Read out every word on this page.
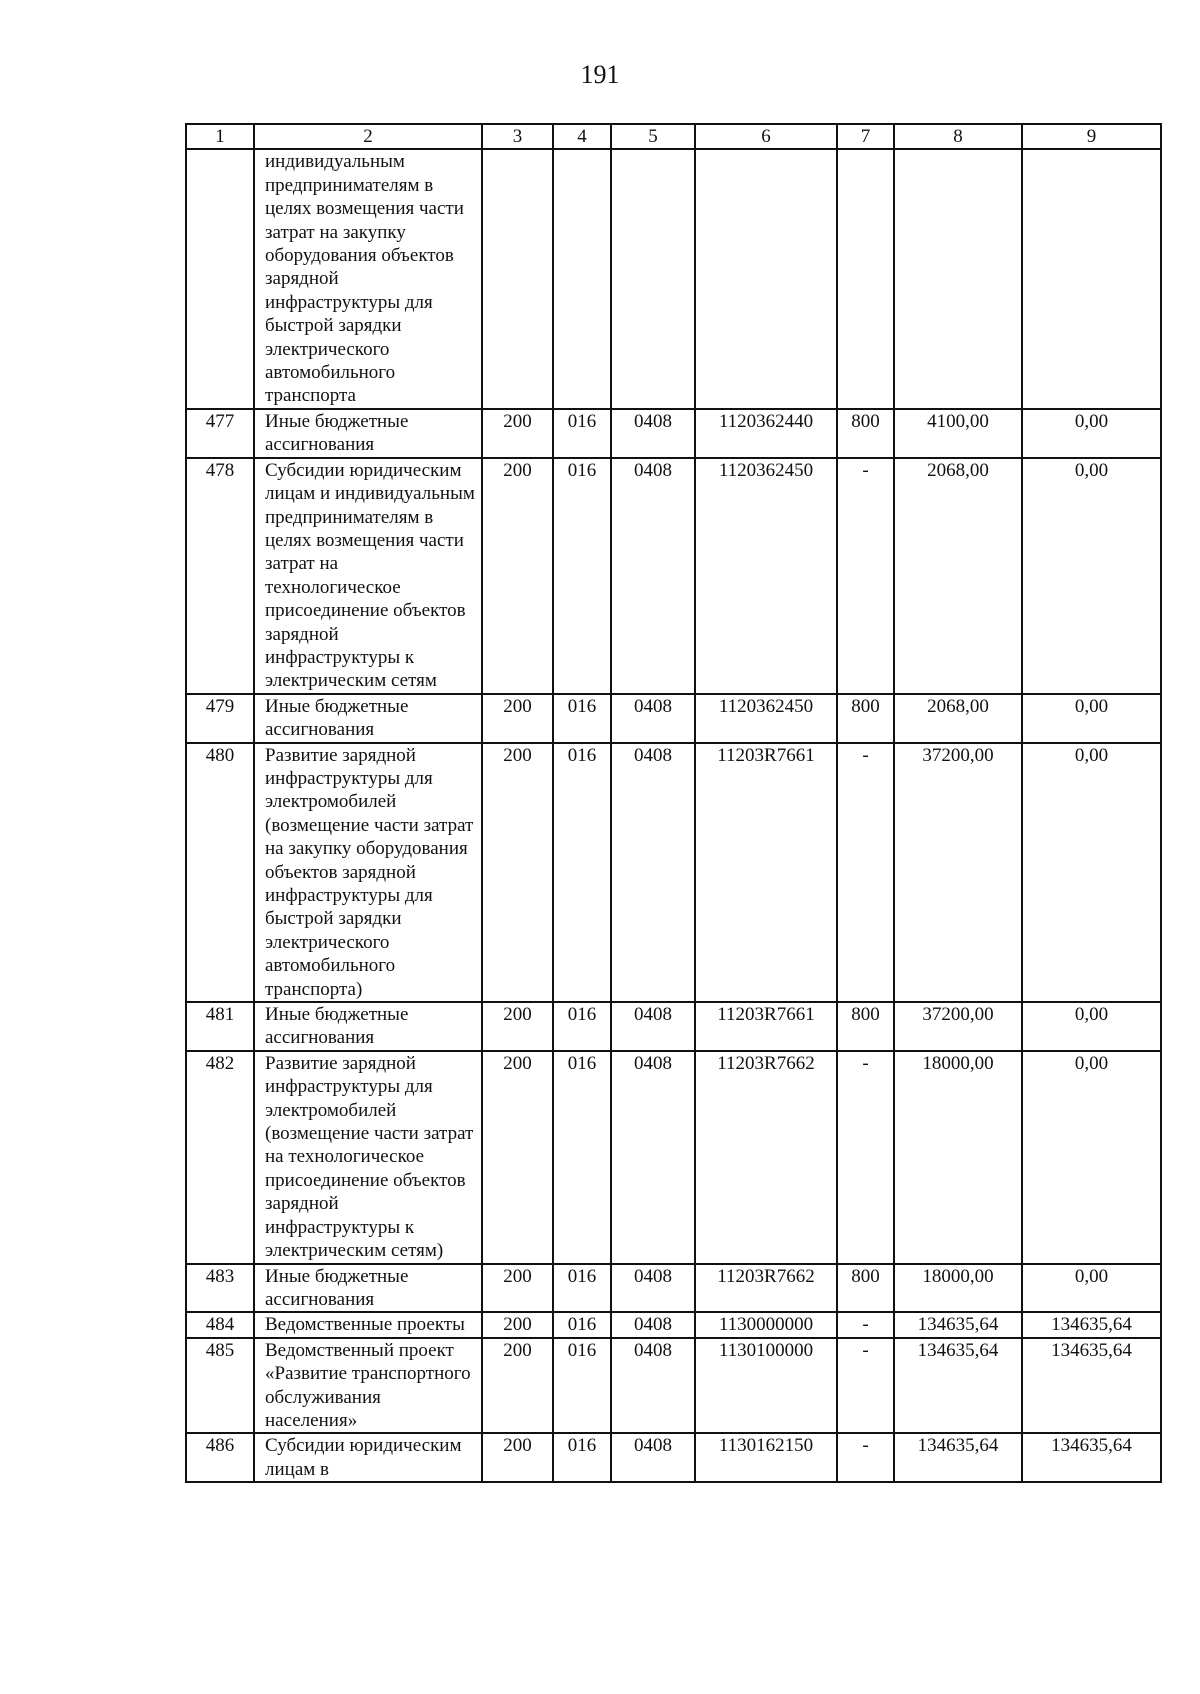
191
1	2	3	4	5	6	7	8	9
	индивидуальным предпринимателям в целях возмещения части затрат на закупку оборудования объектов зарядной инфраструктуры для быстрой зарядки электрического автомобильного транспорта							
477	Иные бюджетные ассигнования	200	016	0408	1120362440	800	4100,00	0,00
478	Субсидии юридическим лицам и индивидуальным предпринимателям в целях возмещения части затрат на технологическое присоединение объектов зарядной инфраструктуры к электрическим сетям	200	016	0408	1120362450	-	2068,00	0,00
479	Иные бюджетные ассигнования	200	016	0408	1120362450	800	2068,00	0,00
480	Развитие зарядной инфраструктуры для электромобилей (возмещение части затрат на закупку оборудования объектов зарядной инфраструктуры для быстрой зарядки электрического автомобильного транспорта)	200	016	0408	11203R7661	-	37200,00	0,00
481	Иные бюджетные ассигнования	200	016	0408	11203R7661	800	37200,00	0,00
482	Развитие зарядной инфраструктуры для электромобилей (возмещение части затрат на технологическое присоединение объектов зарядной инфраструктуры к электрическим сетям)	200	016	0408	11203R7662	-	18000,00	0,00
483	Иные бюджетные ассигнования	200	016	0408	11203R7662	800	18000,00	0,00
484	Ведомственные проекты	200	016	0408	1130000000	-	134635,64	134635,64
485	Ведомственный проект «Развитие транспортного обслуживания населения»	200	016	0408	1130100000	-	134635,64	134635,64
486	Субсидии юридическим лицам в	200	016	0408	1130162150	-	134635,64	134635,64
